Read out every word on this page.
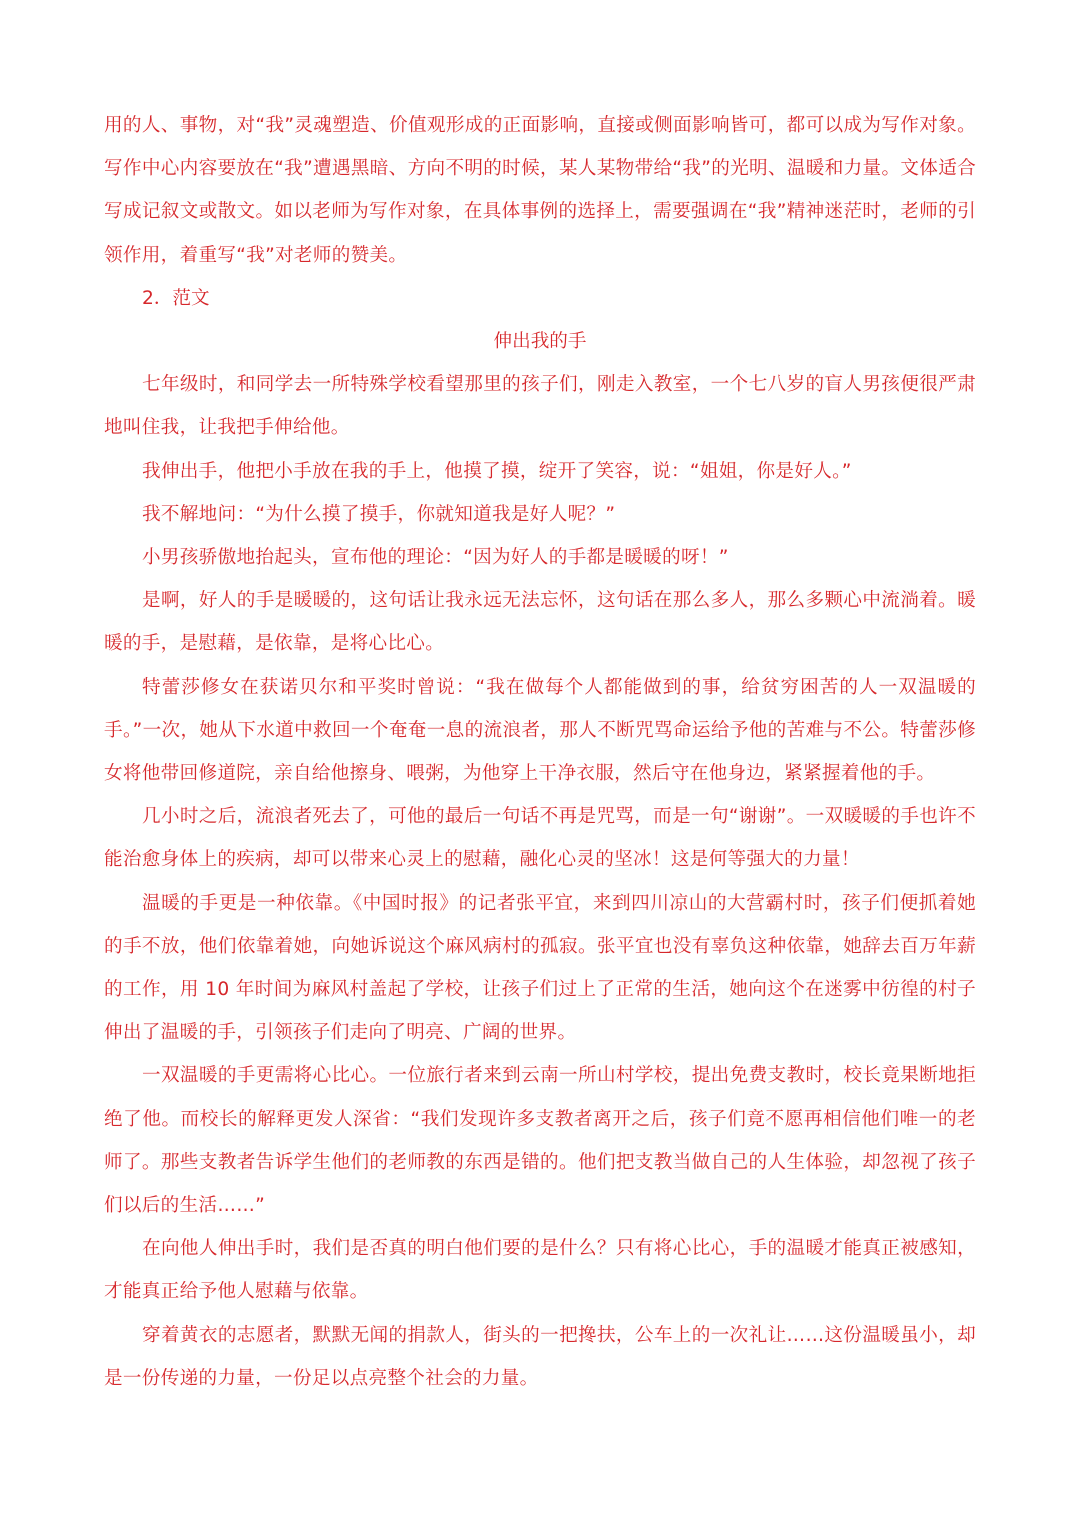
用的人、事物，对“我”灵魂塑造、价值观形成的正面影响，直接或侧面影响皆可，都可以成为写作对象。写作中心内容要放在“我”遭遇黑暗、方向不明的时候，某人某物带给“我”的光明、温暖和力量。文体适合写成记叙文或散文。如以老师为写作对象，在具体事例的选择上，需要强调在“我”精神迷茫时，老师的引领作用，着重写“我”对老师的赞美。

2．范文

伸出我的手

七年级时，和同学去一所特殊学校看望那里的孩子们，刚走入教室，一个七八岁的盲人男孩便很严肃地叫住我，让我把手伸给他。

我伸出手，他把小手放在我的手上，他摸了摸，绽开了笑容，说：“姐姐，你是好人。”

我不解地问：“为什么摸了摸手，你就知道我是好人呢？”

小男孩骄傲地抬起头，宣布他的理论：“因为好人的手都是暖暖的呀！”

是啊，好人的手是暖暖的，这句话让我永远无法忘怀，这句话在那么多人，那么多颗心中流淌着。暖暖的手，是慰藉，是依靠，是将心比心。

特蕾莎修女在获诺贝尔和平奖时曾说：“我在做每个人都能做到的事，给贫穷困苦的人一双温暖的手。”一次，她从下水道中救回一个奄奄一息的流浪者，那人不断咒骂命运给予他的苦难与不公。特蕾莎修女将他带回修道院，亲自给他擦身、喂粥，为他穿上干净衣服，然后守在他身边，紧紧握着他的手。

几小时之后，流浪者死去了，可他的最后一句话不再是咒骂，而是一句“谢谢”。一双暖暖的手也许不能治愈身体上的疾病，却可以带来心灵上的慰藉，融化心灵的坚冰！这是何等强大的力量！

温暖的手更是一种依靠。《中国时报》的记者张平宜，来到四川凉山的大营霸村时，孩子们便抓着她的手不放，他们依靠着她，向她诉说这个麻风病村的孤寂。张平宜也没有辜负这种依靠，她辞去百万年薪的工作，用 10 年时间为麻风村盖起了学校，让孩子们过上了正常的生活，她向这个在迷雾中彷徨的村子伸出了温暖的手，引领孩子们走向了明亮、广阔的世界。

一双温暖的手更需将心比心。一位旅行者来到云南一所山村学校，提出免费支教时，校长竟果断地拒绝了他。而校长的解释更发人深省：“我们发现许多支教者离开之后，孩子们竟不愿再相信他们唯一的老师了。那些支教者告诉学生他们的老师教的东西是错的。他们把支教当做自己的人生体验，却忽视了孩子们以后的生活……”

在向他人伸出手时，我们是否真的明白他们要的是什么？只有将心比心，手的温暖才能真正被感知，才能真正给予他人慰藉与依靠。

穿着黄衣的志愿者，默默无闻的捐款人，街头的一把搀扶，公车上的一次礼让……这份温暖虽小，却是一份传递的力量，一份足以点亮整个社会的力量。
